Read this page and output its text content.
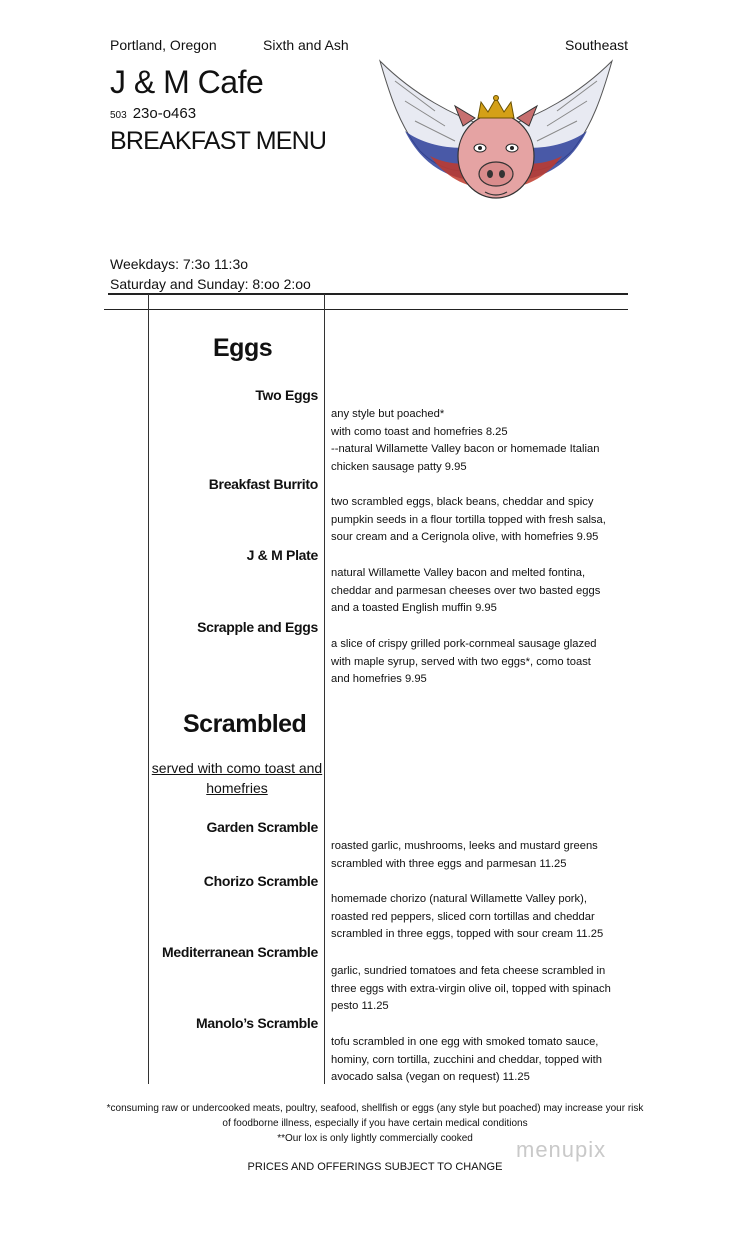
Portland, Oregon	Sixth and Ash	Southeast
J & M Cafe
503 23o-o463
BREAKFAST MENU
Weekdays: 7:3o 11:3o
Saturday and Sunday: 8:oo 2:oo
Eggs
Two Eggs
any style but poached*
with como toast and homefries 8.25
--natural Willamette Valley bacon or homemade Italian
chicken sausage patty 9.95
Breakfast Burrito
two scrambled eggs, black beans, cheddar and spicy
pumpkin seeds in a flour tortilla topped with fresh salsa,
sour cream and a Cerignola olive, with homefries 9.95
J & M Plate
natural Willamette Valley bacon and melted fontina,
cheddar and parmesan cheeses over two basted eggs
and a toasted English muffin 9.95
Scrapple and Eggs
a slice of crispy grilled pork-cornmeal sausage glazed
with maple syrup, served with two eggs*, como toast
and homefries 9.95
Scrambled
served with como toast and homefries
Garden Scramble
roasted garlic, mushrooms, leeks and mustard greens
scrambled with three eggs and parmesan 11.25
Chorizo Scramble
homemade chorizo (natural Willamette Valley pork),
roasted red peppers, sliced corn tortillas and cheddar
scrambled in three eggs, topped with sour cream 11.25
Mediterranean Scramble
garlic, sundried tomatoes and feta cheese scrambled in
three eggs with extra-virgin olive oil, topped with spinach
pesto 11.25
Manolo’s Scramble
tofu scrambled in one egg with smoked tomato sauce,
hominy, corn tortilla, zucchini and cheddar, topped with
avocado salsa (vegan on request) 11.25
*consuming raw or undercooked meats, poultry, seafood, shellfish or eggs (any style but poached) may increase your risk
of foodborne illness, especially if you have certain medical conditions
**Our lox is only lightly commercially cooked
PRICES AND OFFERINGS SUBJECT TO CHANGE
menupix
